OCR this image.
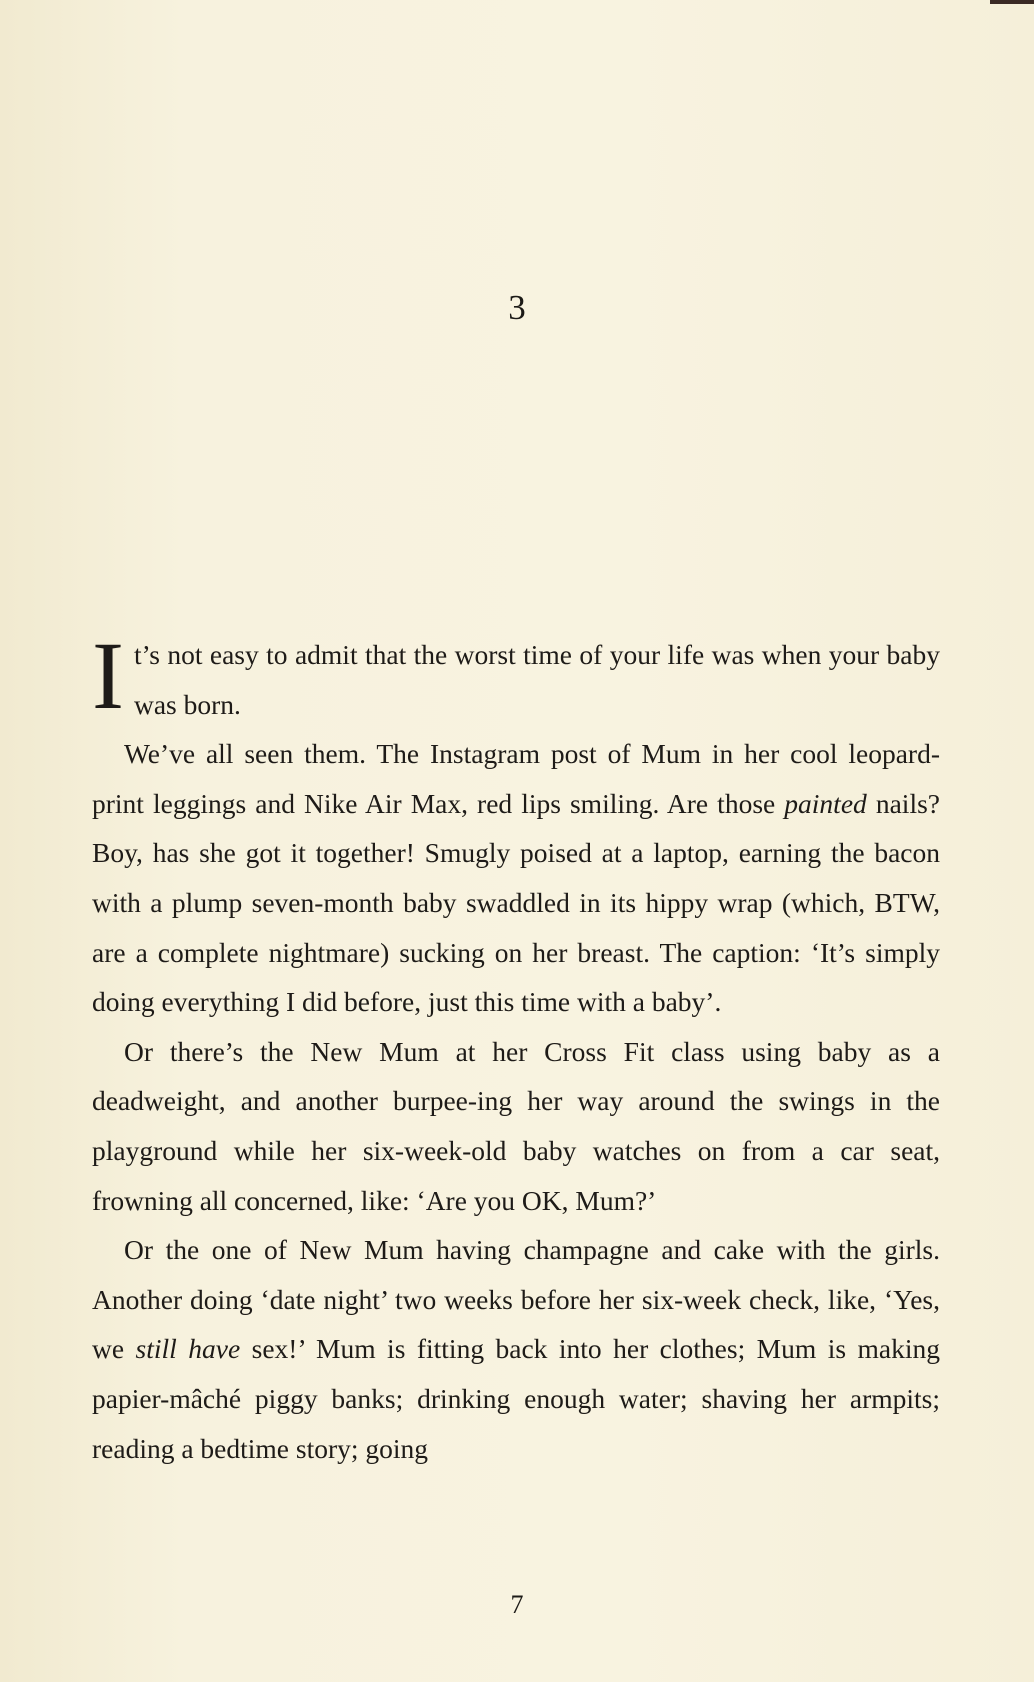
3

It’s not easy to admit that the worst time of your life was when your baby was born.

We’ve all seen them. The Instagram post of Mum in her cool leopard-print leggings and Nike Air Max, red lips smiling. Are those painted nails? Boy, has she got it together! Smugly poised at a laptop, earning the bacon with a plump seven-month baby swaddled in its hippy wrap (which, BTW, are a complete nightmare) sucking on her breast. The caption: ‘It’s simply doing everything I did before, just this time with a baby’.

Or there’s the New Mum at her Cross Fit class using baby as a deadweight, and another burpee-ing her way around the swings in the playground while her six-week-old baby watches on from a car seat, frowning all concerned, like: ‘Are you OK, Mum?’

Or the one of New Mum having champagne and cake with the girls. Another doing ‘date night’ two weeks before her six-week check, like, ‘Yes, we still have sex!’ Mum is fitting back into her clothes; Mum is making papier-mâché piggy banks; drinking enough water; shaving her armpits; reading a bedtime story; going

7
